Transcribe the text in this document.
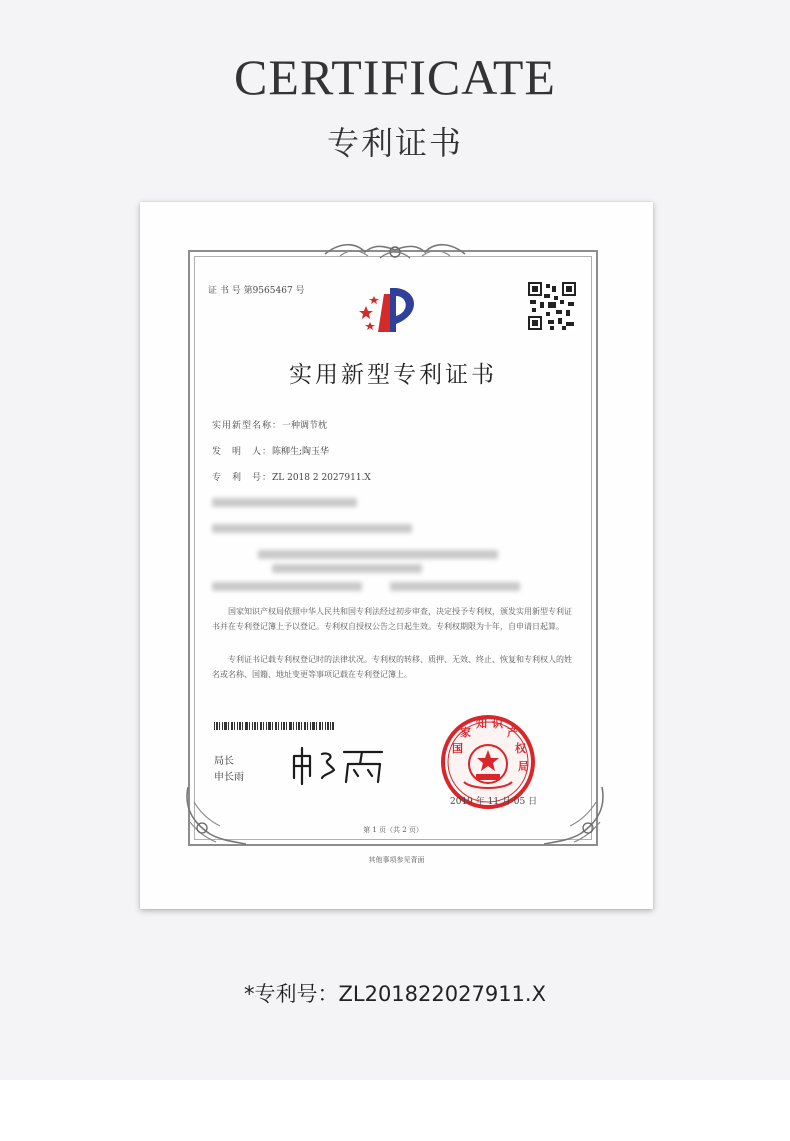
CERTIFICATE
专利证书
证 书 号 第9565467 号
实用新型专利证书
实用新型名称：一种调节枕
发　明　人：陈柳生;陶玉华
专　利　号：ZL 2018 2 2027911.X

国家知识产权局依照中华人民共和国专利法经过初步审查，决定授予专利权，颁发实用新型专利证书并在专利登记簿上予以登记。专利权自授权公告之日起生效。专利权期限为十年，自申请日起算。

专利证书记载专利权登记时的法律状况。专利权的转移、质押、无效、终止、恢复和专利权人的姓名或名称、国籍、地址变更等事项记载在专利登记簿上。

局长
申长雨
国
家
知 识
产
权
局
2019 年 11 月 05 日
第 1 页（共 2 页）
其他事项参见背面
*专利号：ZL201822027911.X
